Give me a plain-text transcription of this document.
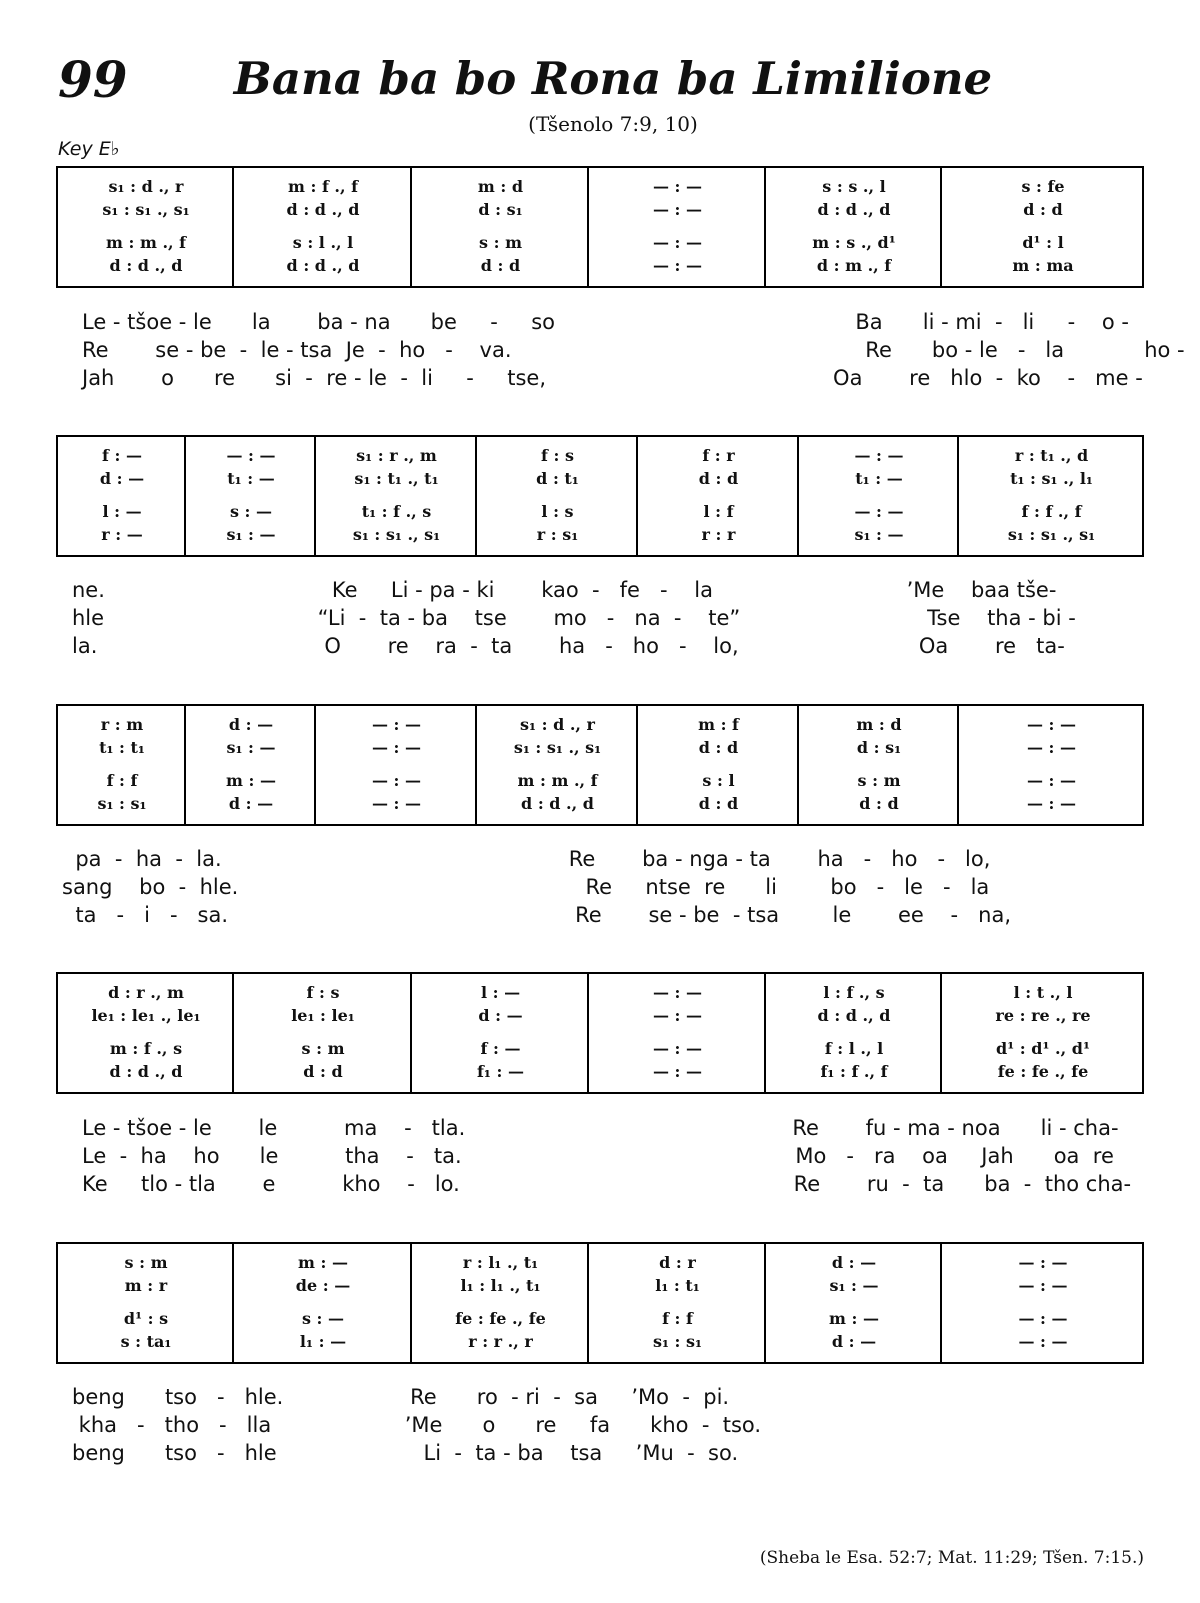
99	Bana ba bo Rona ba Limilione
(Tšenolo 7:9, 10)
Key E♭
s₁ : d ., r
s₁ : s₁ ., s₁
m : m ., f
d : d ., d
m : f ., f
d : d ., d
s : l ., l
d : d ., d
m : d
d : s₁
s : m
d : d
— : —
— : —
— : —
— : —
s : s ., l
d : d ., d
m : s ., d¹
d : m ., f
s : fe
d : d
d¹ : l
m : ma
Le - tšoe - le      la       ba - na      be     -     so                                             Ba      li - mi  -   li     -    o -
Re       se - be  -  le - tsa  Je  -  ho   -    va.                                                     Re      bo - le   -   la            ho -
Jah       o      re      si  -  re - le  -  li     -     tse,                                           Oa       re   hlo  -  ko    -   me -
f : —
d : —
l : —
r : —
— : —
t₁ : —
s : —
s₁ : —
s₁ : r ., m
s₁ : t₁ ., t₁
t₁ : f ., s
s₁ : s₁ ., s₁
f : s
d : t₁
l : s
r : s₁
f : r
d : d
l : f
r : r
— : —
t₁ : —
— : —
s₁ : —
r : t₁ ., d
t₁ : s₁ ., l₁
f : f ., f
s₁ : s₁ ., s₁
ne.                                  Ke     Li - pa - ki       kao  -   fe   -    la                             ’Me    baa tše-
hle                                “Li  -  ta - ba    tse       mo   -   na  -    te”                            Tse    tha - bi -
la.                                  O       re    ra  -  ta       ha   -   ho   -    lo,                           Oa       re   ta-
r : m
t₁ : t₁
f : f
s₁ : s₁
d : —
s₁ : —
m : —
d : —
— : —
— : —
— : —
— : —
s₁ : d ., r
s₁ : s₁ ., s₁
m : m ., f
d : d ., d
m : f
d : d
s : l
d : d
m : d
d : s₁
s : m
d : d
— : —
— : —
— : —
— : —
pa  -  ha  -  la.                                                    Re       ba - nga - ta       ha   -   ho   -   lo,
sang    bo  -  hle.                                                    Re     ntse  re      li        bo   -   le   -   la
ta   -   i   -   sa.                                                    Re       se - be  - tsa        le       ee    -   na,
d : r ., m
le₁ : le₁ ., le₁
m : f ., s
d : d ., d
f : s
le₁ : le₁
s : m
d : d
l : —
d : —
f : —
f₁ : —
— : —
— : —
— : —
— : —
l : f ., s
d : d ., d
f : l ., l
f₁ : f ., f
l : t ., l
re : re ., re
d¹ : d¹ ., d¹
fe : fe ., fe
Le - tšoe - le       le          ma    -   tla.                                                 Re       fu - ma - noa      li - cha-
Le  -  ha    ho      le          tha    -   ta.                                                  Mo   -   ra    oa     Jah      oa  re
Ke     tlo - tla       e          kho    -   lo.                                                  Re       ru  -  ta      ba  -  tho cha-
s : m
m : r
d¹ : s
s : ta₁
m : —
de : —
s : —
l₁ : —
r : l₁ ., t₁
l₁ : l₁ ., t₁
fe : fe ., fe
r : r ., r
d : r
l₁ : t₁
f : f
s₁ : s₁
d : —
s₁ : —
m : —
d : —
— : —
— : —
— : —
— : —
beng      tso   -   hle.                   Re      ro  - ri  -  sa     ’Mo  -  pi.
kha   -   tho   -   lla                    ’Me      o      re     fa      kho  -  tso.
beng      tso   -   hle                      Li  -  ta - ba    tsa     ’Mu  -  so.
(Sheba le Esa. 52:7; Mat. 11:29; Tšen. 7:15.)
